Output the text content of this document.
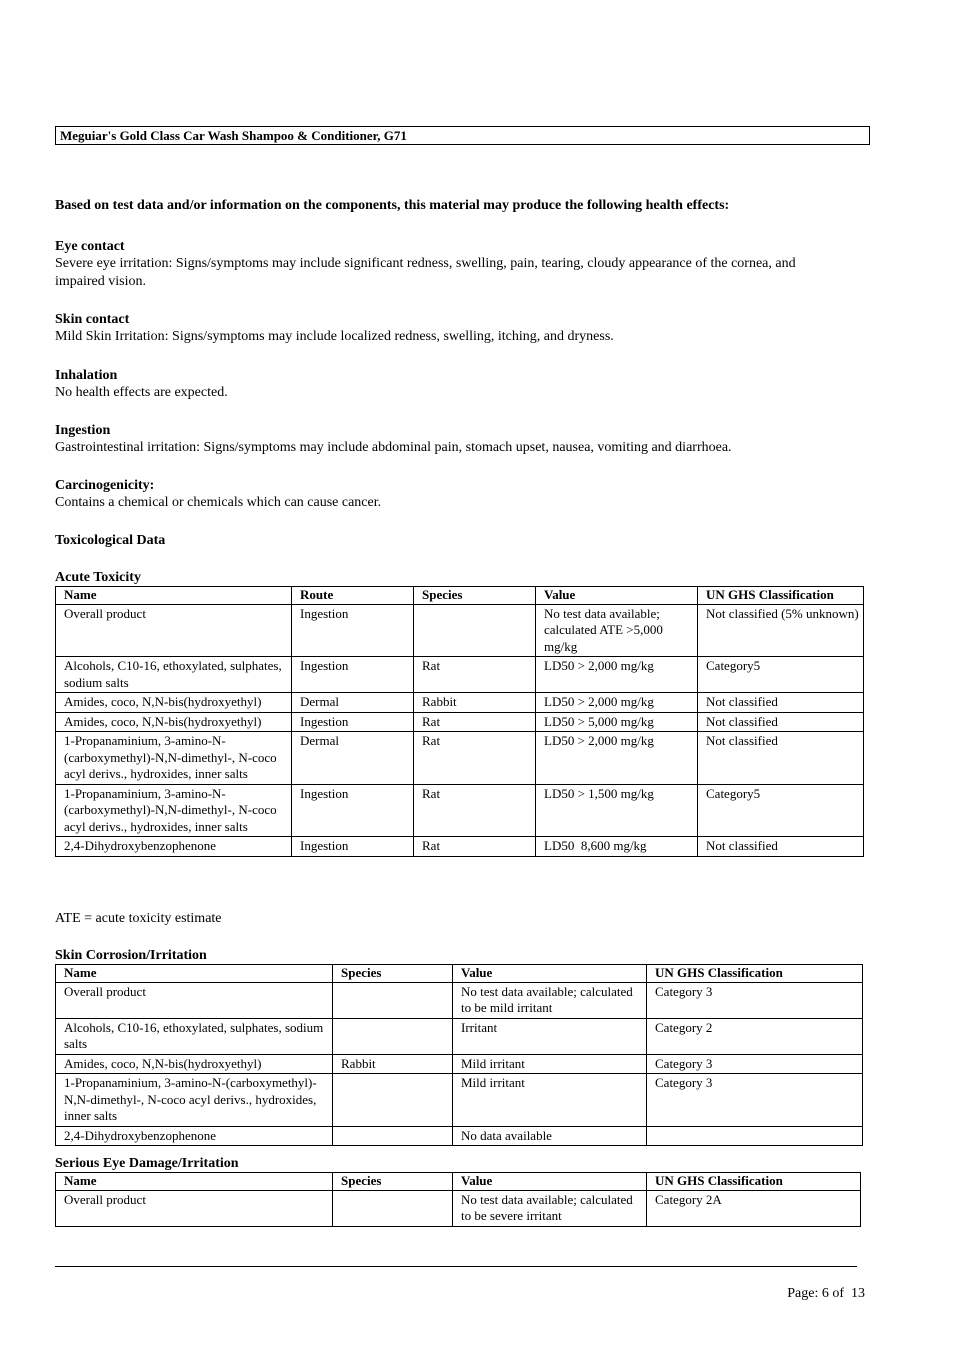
Meguiar's Gold Class Car Wash Shampoo & Conditioner, G71
Based on test data and/or information on the components, this material may produce the following health effects:
Eye contact
Severe eye irritation: Signs/symptoms may include significant redness, swelling, pain, tearing, cloudy appearance of the cornea, and impaired vision.
Skin contact
Mild Skin Irritation: Signs/symptoms may include localized redness, swelling, itching, and dryness.
Inhalation
No health effects are expected.
Ingestion
Gastrointestinal irritation: Signs/symptoms may include abdominal pain, stomach upset, nausea, vomiting and diarrhoea.
Carcinogenicity:
Contains a chemical or chemicals which can cause cancer.
Toxicological Data
Acute Toxicity
Name	Route	Species	Value	UN GHS Classification
Overall product	Ingestion		No test data available; calculated ATE >5,000 mg/kg	Not classified (5% unknown)
Alcohols, C10-16, ethoxylated, sulphates, sodium salts	Ingestion	Rat	LD50 > 2,000 mg/kg	Category5
Amides, coco, N,N-bis(hydroxyethyl)	Dermal	Rabbit	LD50 > 2,000 mg/kg	Not classified
Amides, coco, N,N-bis(hydroxyethyl)	Ingestion	Rat	LD50 > 5,000 mg/kg	Not classified
1-Propanaminium, 3-amino-N-(carboxymethyl)-N,N-dimethyl-, N-coco acyl derivs., hydroxides, inner salts	Dermal	Rat	LD50 > 2,000 mg/kg	Not classified
1-Propanaminium, 3-amino-N-(carboxymethyl)-N,N-dimethyl-, N-coco acyl derivs., hydroxides, inner salts	Ingestion	Rat	LD50 > 1,500 mg/kg	Category5
2,4-Dihydroxybenzophenone	Ingestion	Rat	LD50  8,600 mg/kg	Not classified
ATE = acute toxicity estimate
Skin Corrosion/Irritation
Name	Species	Value	UN GHS Classification
Overall product		No test data available; calculated to be mild irritant	Category 3
Alcohols, C10-16, ethoxylated, sulphates, sodium salts		Irritant	Category 2
Amides, coco, N,N-bis(hydroxyethyl)	Rabbit	Mild irritant	Category 3
1-Propanaminium, 3-amino-N-(carboxymethyl)-N,N-dimethyl-, N-coco acyl derivs., hydroxides, inner salts		Mild irritant	Category 3
2,4-Dihydroxybenzophenone		No data available	
Serious Eye Damage/Irritation
Name	Species	Value	UN GHS Classification
Overall product		No test data available; calculated to be severe irritant	Category 2A
Page: 6 of  13
